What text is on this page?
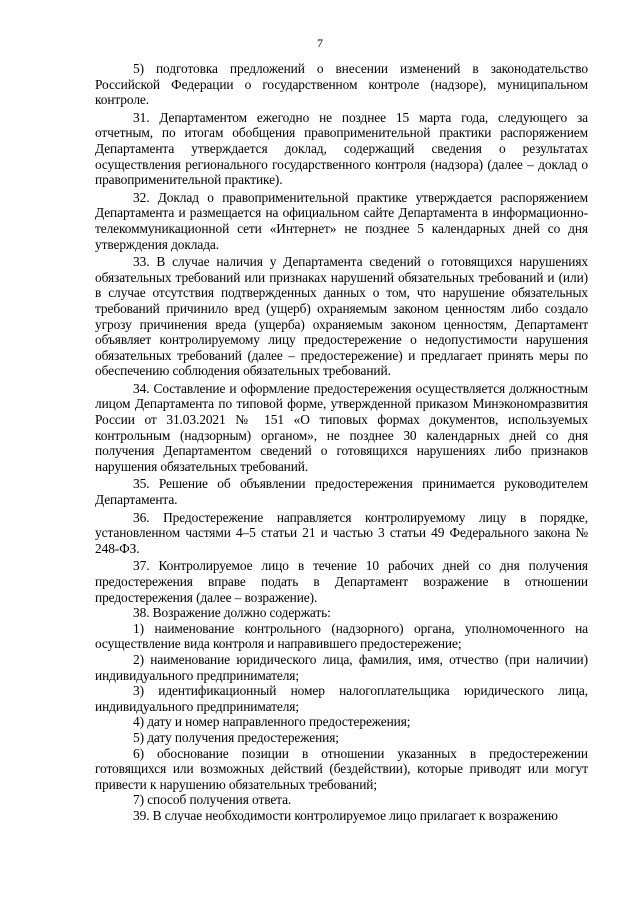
7

5) подготовка предложений о внесении изменений в законодательство Российской Федерации о государственном контроле (надзоре), муниципальном контроле.

31. Департаментом ежегодно не позднее 15 марта года, следующего за отчетным, по итогам обобщения правоприменительной практики распоряжением Департамента утверждается доклад, содержащий сведения о результатах осуществления регионального государственного контроля (надзора) (далее – доклад о правоприменительной практике).

32. Доклад о правоприменительной практике утверждается распоряжением Департамента и размещается на официальном сайте Департамента в информационно-телекоммуникационной сети «Интернет» не позднее 5 календарных дней со дня утверждения доклада.

33. В случае наличия у Департамента сведений о готовящихся нарушениях обязательных требований или признаках нарушений обязательных требований и (или) в случае отсутствия подтвержденных данных о том, что нарушение обязательных требований причинило вред (ущерб) охраняемым законом ценностям либо создало угрозу причинения вреда (ущерба) охраняемым законом ценностям, Департамент объявляет контролируемому лицу предостережение о недопустимости нарушения обязательных требований (далее – предостережение) и предлагает принять меры по обеспечению соблюдения обязательных требований.

34. Составление и оформление предостережения осуществляется должностным лицом Департамента по типовой форме, утвержденной приказом Минэкономразвития России от 31.03.2021 № 151 «О типовых формах документов, используемых контрольным (надзорным) органом», не позднее 30 календарных дней со дня получения Департаментом сведений о готовящихся нарушениях либо признаков нарушения обязательных требований.

35. Решение об объявлении предостережения принимается руководителем Департамента.

36. Предостережение направляется контролируемому лицу в порядке, установленном частями 4–5 статьи 21 и частью 3 статьи 49 Федерального закона № 248-ФЗ.

37. Контролируемое лицо в течение 10 рабочих дней со дня получения предостережения вправе подать в Департамент возражение в отношении предостережения (далее – возражение).

38. Возражение должно содержать:

1) наименование контрольного (надзорного) органа, уполномоченного на осуществление вида контроля и направившего предостережение;

2) наименование юридического лица, фамилия, имя, отчество (при наличии) индивидуального предпринимателя;

3) идентификационный номер налогоплательщика юридического лица, индивидуального предпринимателя;

4) дату и номер направленного предостережения;

5) дату получения предостережения;

6) обоснование позиции в отношении указанных в предостережении готовящихся или возможных действий (бездействии), которые приводят или могут привести к нарушению обязательных требований;

7) способ получения ответа.

39. В случае необходимости контролируемое лицо прилагает к возражению
